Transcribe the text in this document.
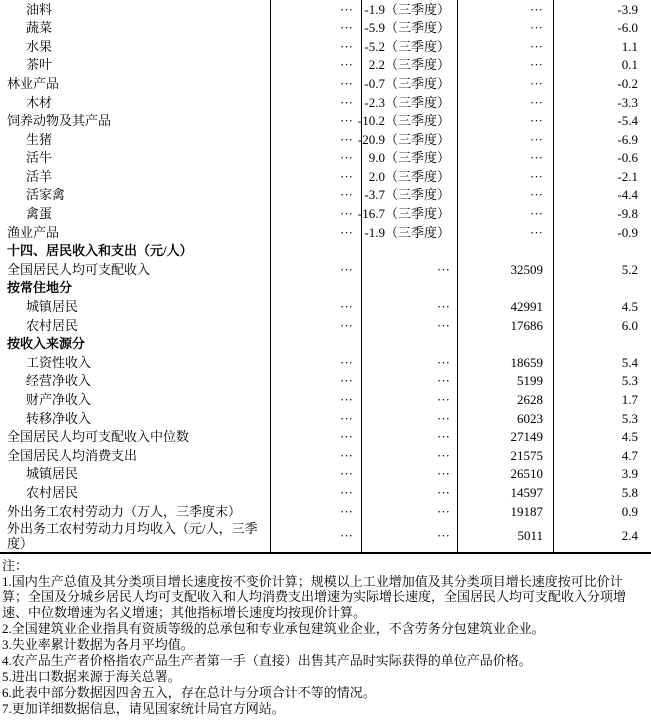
油料	··· -1.9（三季度）	···	-3.9
蔬菜	··· -5.9（三季度）	···	-6.0
水果	··· -5.2（三季度）	···	1.1
茶叶	··· 2.2（三季度）	···	0.1
林业产品	··· -0.7（三季度）	···	-0.2
木材	··· -2.3（三季度）	···	-3.3
饲养动物及其产品	··· -10.2（三季度）	···	-5.4
生猪	··· -20.9（三季度）	···	-6.9
活牛	··· 9.0（三季度）	···	-0.6
活羊	··· 2.0（三季度）	···	-2.1
活家禽	··· -3.7（三季度）	···	-4.4
禽蛋	··· -16.7（三季度）	···	-9.8
渔业产品	··· -1.9（三季度）	···	-0.9
十四、居民收入和支出（元/人）
全国居民人均可支配收入	···	···	32509	5.2
按常住地分
城镇居民	···	···	42991	4.5
农村居民	···	···	17686	6.0
按收入来源分
工资性收入	···	···	18659	5.4
经营净收入	···	···	5199	5.3
财产净收入	···	···	2628	1.7
转移净收入	···	···	6023	5.3
全国居民人均可支配收入中位数	···	···	27149	4.5
全国居民人均消费支出	···	···	21575	4.7
城镇居民	···	···	26510	3.9
农村居民	···	···	14597	5.8
外出务工农村劳动力（万人，三季度末）	···	···	19187	0.9
外出务工农村劳动力月均收入（元/人，三季度）
···	···	5011	2.4

注：

1.国内生产总值及其分类项目增长速度按不变价计算；规模以上工业增加值及其分类项目增长速度按可比价计算；全国及分城乡居民人均可支配收入和人均消费支出增速为实际增长速度，全国居民人均可支配收入分项增速、中位数增速为名义增速；其他指标增长速度均按现价计算。

2.全国建筑业企业指具有资质等级的总承包和专业承包建筑业企业，不含劳务分包建筑业企业。

3.失业率累计数据为各月平均值。

4.农产品生产者价格指农产品生产者第一手（直接）出售其产品时实际获得的单位产品价格。

5.进出口数据来源于海关总署。

6.此表中部分数据因四舍五入，存在总计与分项合计不等的情况。

7.更加详细数据信息，请见国家统计局官方网站。
